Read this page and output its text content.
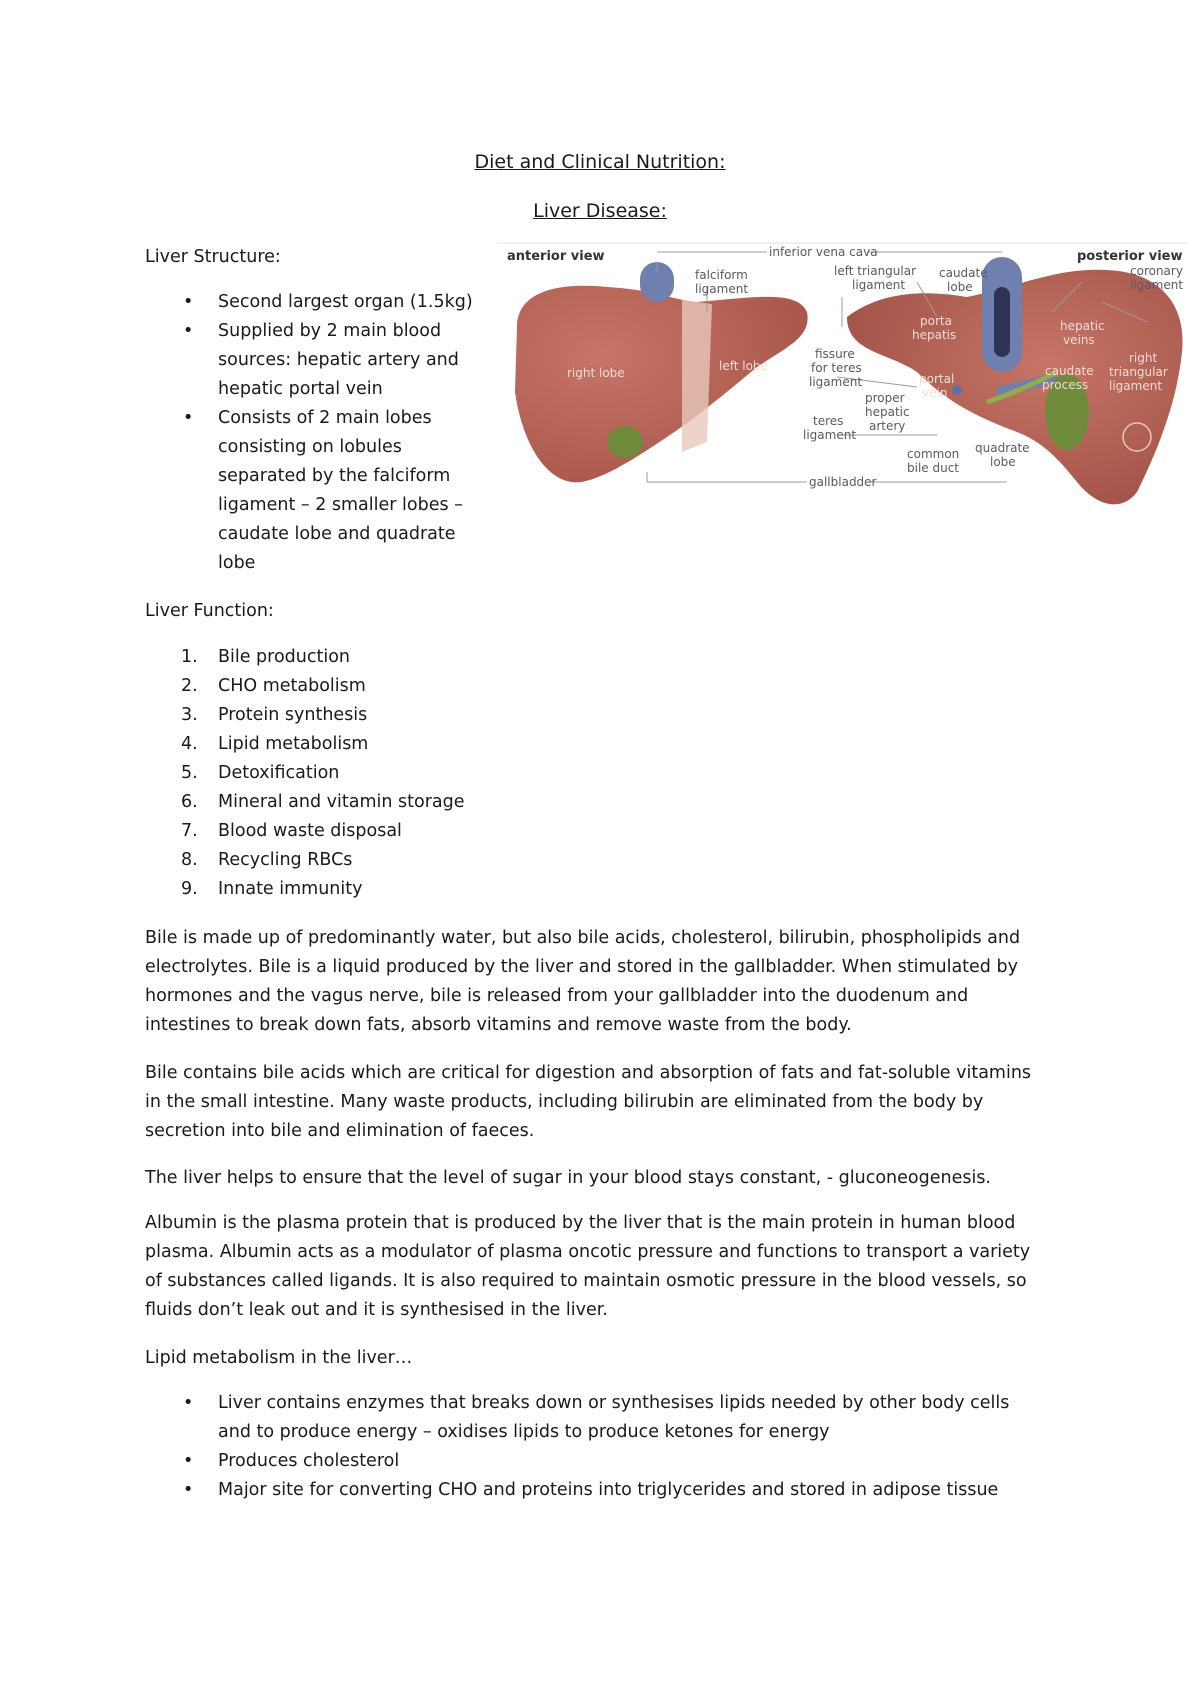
Diet and Clinical Nutrition:
Liver Disease:

Liver Structure:

• Second largest organ (1.5kg)
• Supplied by 2 main blood
sources: hepatic artery and
hepatic portal vein
• Consists of 2 main lobes
consisting on lobules
separated by the falciform
ligament – 2 smaller lobes –
caudate lobe and quadrate
lobe

Liver Function:

1. Bile production
2. CHO metabolism
3. Protein synthesis
4. Lipid metabolism
5. Detoxification
6. Mineral and vitamin storage
7. Blood waste disposal
8. Recycling RBCs
9. Innate immunity

Bile is made up of predominantly water, but also bile acids, cholesterol, bilirubin, phospholipids and
electrolytes. Bile is a liquid produced by the liver and stored in the gallbladder. When stimulated by
hormones and the vagus nerve, bile is released from your gallbladder into the duodenum and
intestines to break down fats, absorb vitamins and remove waste from the body.

Bile contains bile acids which are critical for digestion and absorption of fats and fat-soluble vitamins
in the small intestine. Many waste products, including bilirubin are eliminated from the body by
secretion into bile and elimination of faeces.

The liver helps to ensure that the level of sugar in your blood stays constant, - gluconeogenesis.

Albumin is the plasma protein that is produced by the liver that is the main protein in human blood
plasma. Albumin acts as a modulator of plasma oncotic pressure and functions to transport a variety
of substances called ligands. It is also required to maintain osmotic pressure in the blood vessels, so
fluids don’t leak out and it is synthesised in the liver.

Lipid metabolism in the liver…

• Liver contains enzymes that breaks down or synthesises lipids needed by other body cells
and to produce energy – oxidises lipids to produce ketones for energy
• Produces cholesterol
• Major site for converting CHO and proteins into triglycerides and stored in adipose tissue
anterior view	posterior view
inferior vena cava
falciform
ligament
right lobe	left lobe
left triangular
ligament
caudate
lobe
coronary
ligament
porta
hepatis
hepatic
veins
fissure
for teres
ligament	portal
vein
caudate
process
right
triangular
ligament
proper
hepatic
artery
teres
ligament
common
bile duct
quadrate
lobe
gallbladder
